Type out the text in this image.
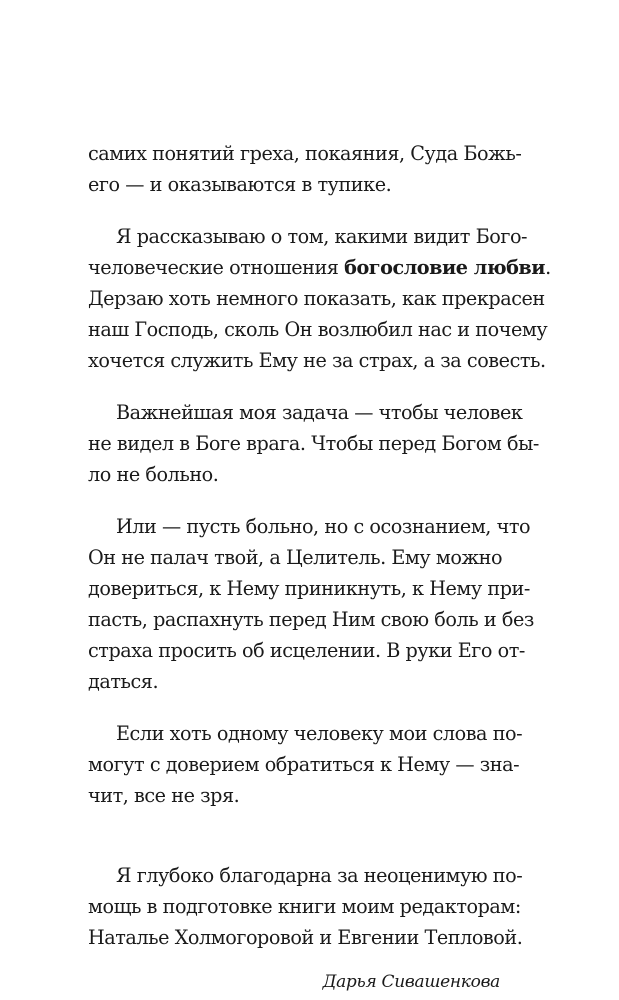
самих понятий греха, покаяния, Суда Божь-
его — и оказываются в тупике.
Я рассказываю о том, какими видит Бого-
человеческие отношения богословие любви.
Дерзаю хоть немного показать, как прекрасен
наш Господь, сколь Он возлюбил нас и почему
хочется служить Ему не за страх, а за совесть.
Важнейшая моя задача — чтобы человек
не видел в Боге врага. Чтобы перед Богом бы-
ло не больно.
Или — пусть больно, но с осознанием, что
Он не палач твой, а Целитель. Ему можно
довериться, к Нему приникнуть, к Нему при-
пасть, распахнуть перед Ним свою боль и без
страха просить об исцелении. В руки Его от-
даться.
Если хоть одному человеку мои слова по-
могут с доверием обратиться к Нему — зна-
чит, все не зря.
Я глубоко благодарна за неоценимую по-
мощь в подготовке книги моим редакторам:
Наталье Холмогоровой и Евгении Тепловой.
Дарья Сивашенкова
